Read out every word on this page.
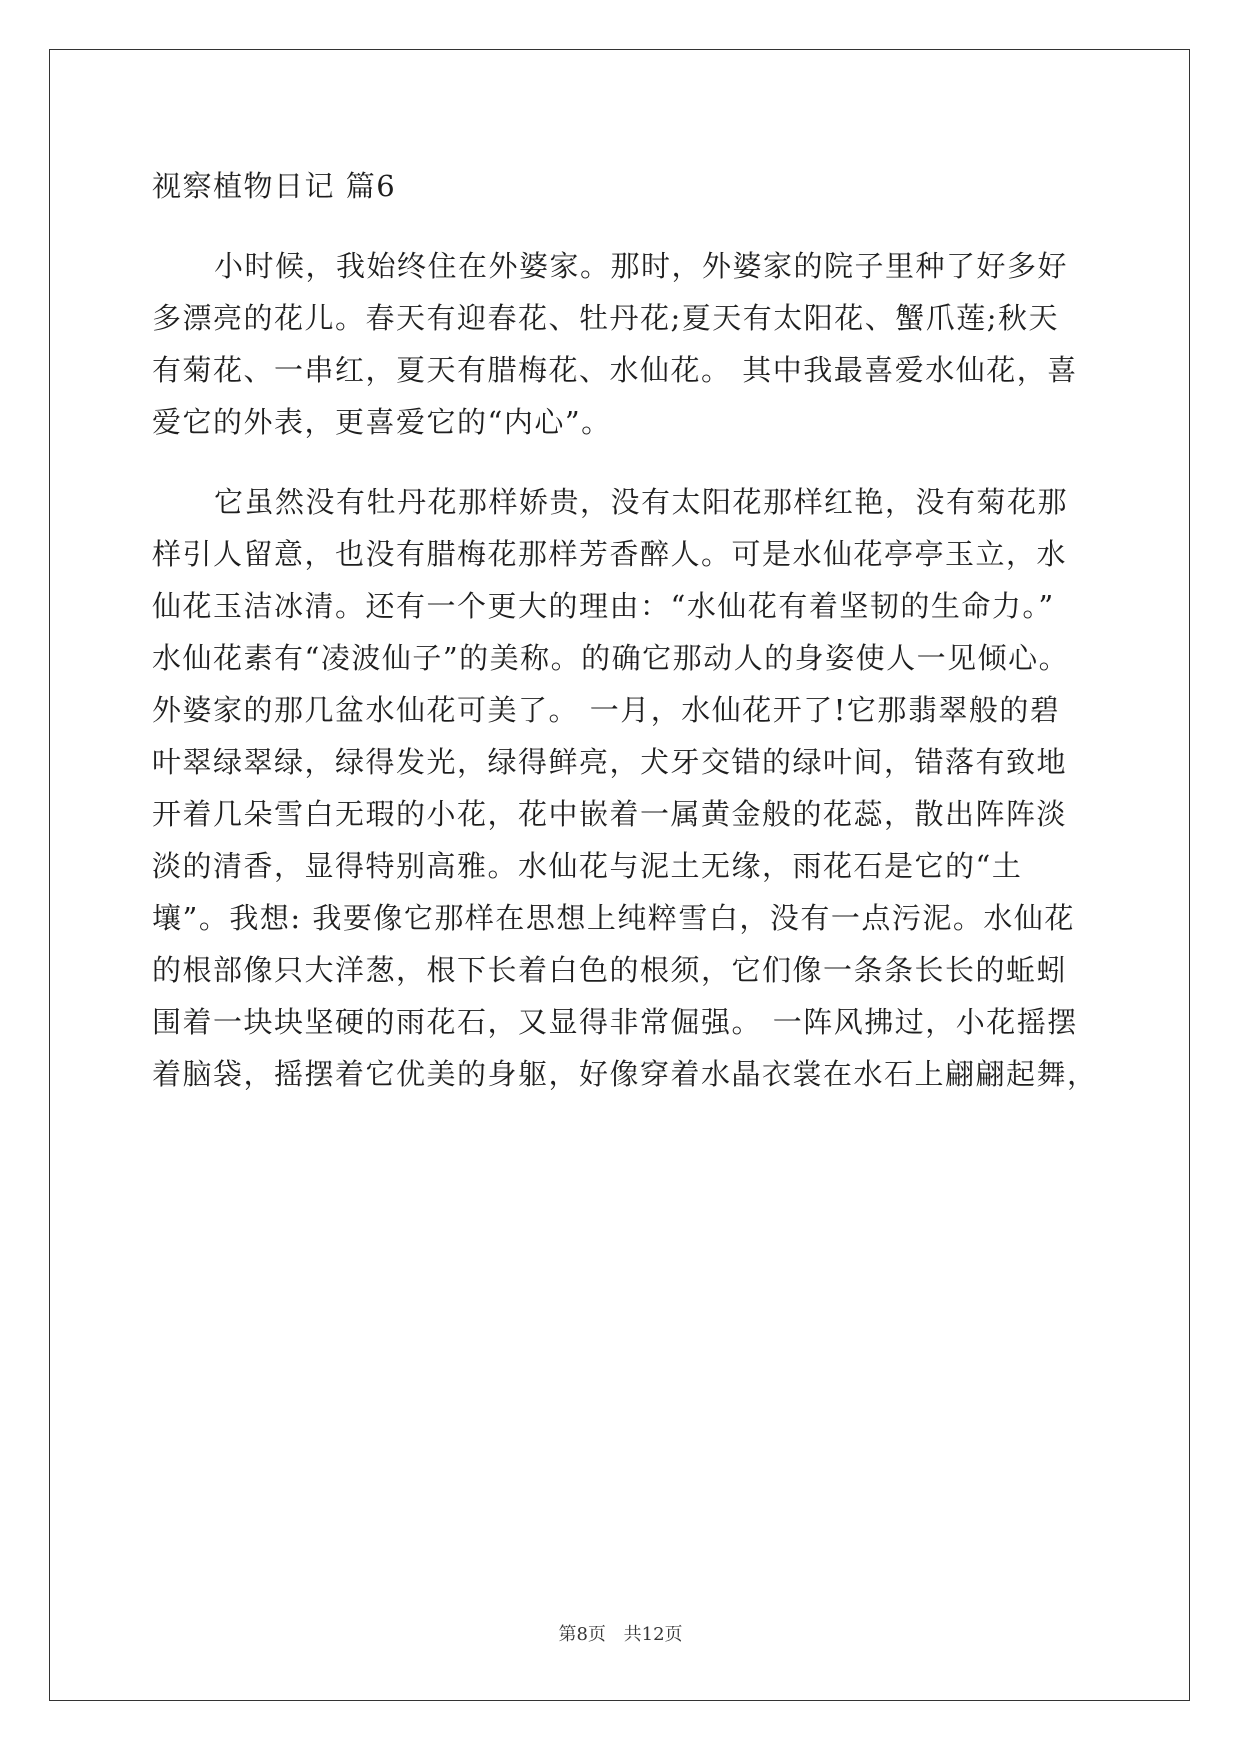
视察植物日记 篇6

小时候，我始终住在外婆家。那时，外婆家的院子里种了好多好
多漂亮的花儿。春天有迎春花、牡丹花;夏天有太阳花、蟹爪莲;秋天
有菊花、一串红，夏天有腊梅花、水仙花。 其中我最喜爱水仙花，喜
爱它的外表，更喜爱它的“内心”。

它虽然没有牡丹花那样娇贵，没有太阳花那样红艳，没有菊花那
样引人留意，也没有腊梅花那样芳香醉人。可是水仙花亭亭玉立，水
仙花玉洁冰清。还有一个更大的理由：“水仙花有着坚韧的生命力。”
水仙花素有“凌波仙子”的美称。的确它那动人的身姿使人一见倾心。
外婆家的那几盆水仙花可美了。 一月，水仙花开了!它那翡翠般的碧
叶翠绿翠绿，绿得发光，绿得鲜亮，犬牙交错的绿叶间，错落有致地
开着几朵雪白无瑕的小花，花中嵌着一属黄金般的花蕊，散出阵阵淡
淡的清香，显得特别高雅。水仙花与泥土无缘，雨花石是它的“土
壤”。我想: 我要像它那样在思想上纯粹雪白，没有一点污泥。水仙花
的根部像只大洋葱，根下长着白色的根须，它们像一条条长长的蚯蚓
围着一块块坚硬的雨花石，又显得非常倔强。 一阵风拂过，小花摇摆
着脑袋，摇摆着它优美的身躯，好像穿着水晶衣裳在水石上翩翩起舞，

第8页 共12页
